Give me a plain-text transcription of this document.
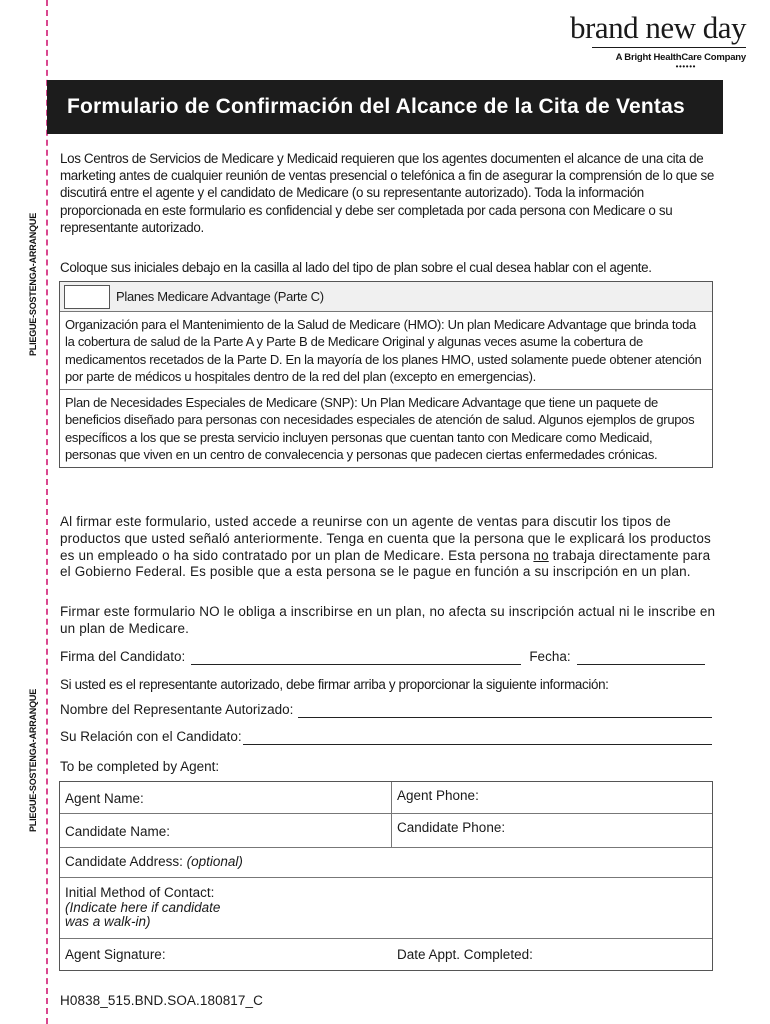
PLIEGUE-SOSTENGA-ARRANQUE
PLIEGUE-SOSTENGA-ARRANQUE
brand new day
A Bright HealthCare Company
••••••
Formulario de Confirmación del Alcance de la Cita de Ventas

Los Centros de Servicios de Medicare y Medicaid requieren que los agentes documenten el alcance de una cita de marketing antes de cualquier reunión de ventas presencial o telefónica a fin de asegurar la comprensión de lo que se discutirá entre el agente y el candidato de Medicare (o su representante autorizado). Toda la información proporcionada en este formulario es confidencial y debe ser completada por cada persona con Medicare o su representante autorizado.

Coloque sus iniciales debajo en la casilla al lado del tipo de plan sobre el cual desea hablar con el agente.

Planes Medicare Advantage (Parte C)
Organización para el Mantenimiento de la Salud de Medicare (HMO): Un plan Medicare Advantage que brinda toda la cobertura de salud de la Parte A y Parte B de Medicare Original y algunas veces asume la cobertura de medicamentos recetados de la Parte D. En la mayoría de los planes HMO, usted solamente puede obtener atención por parte de médicos u hospitales dentro de la red del plan (excepto en emergencias).
Plan de Necesidades Especiales de Medicare (SNP): Un Plan Medicare Advantage que tiene un paquete de beneficios diseñado para personas con necesidades especiales de atención de salud. Algunos ejemplos de grupos específicos a los que se presta servicio incluyen personas que cuentan tanto con Medicare como Medicaid, personas que viven en un centro de convalecencia y personas que padecen ciertas enfermedades crónicas.

Al firmar este formulario, usted accede a reunirse con un agente de ventas para discutir los tipos de productos que usted señaló anteriormente. Tenga en cuenta que la persona que le explicará los productos es un empleado o ha sido contratado por un plan de Medicare. Esta persona no trabaja directamente para el Gobierno Federal. Es posible que a esta persona se le pague en función a su inscripción en un plan.

Firmar este formulario NO le obliga a inscribirse en un plan, no afecta su inscripción actual ni le inscribe en un plan de Medicare.

Firma del Candidato:	Fecha:
Si usted es el representante autorizado, debe firmar arriba y proporcionar la siguiente información:
Nombre del Representante Autorizado:
Su Relación con el Candidato:
To be completed by Agent:
Agent Name:	Agent Phone:
Candidate Name:	Candidate Phone:
Candidate Address: (optional)
Initial Method of Contact:
(Indicate here if candidate
was a walk-in)
Agent Signature:	Date Appt. Completed:
H0838_515.BND.SOA.180817_C
